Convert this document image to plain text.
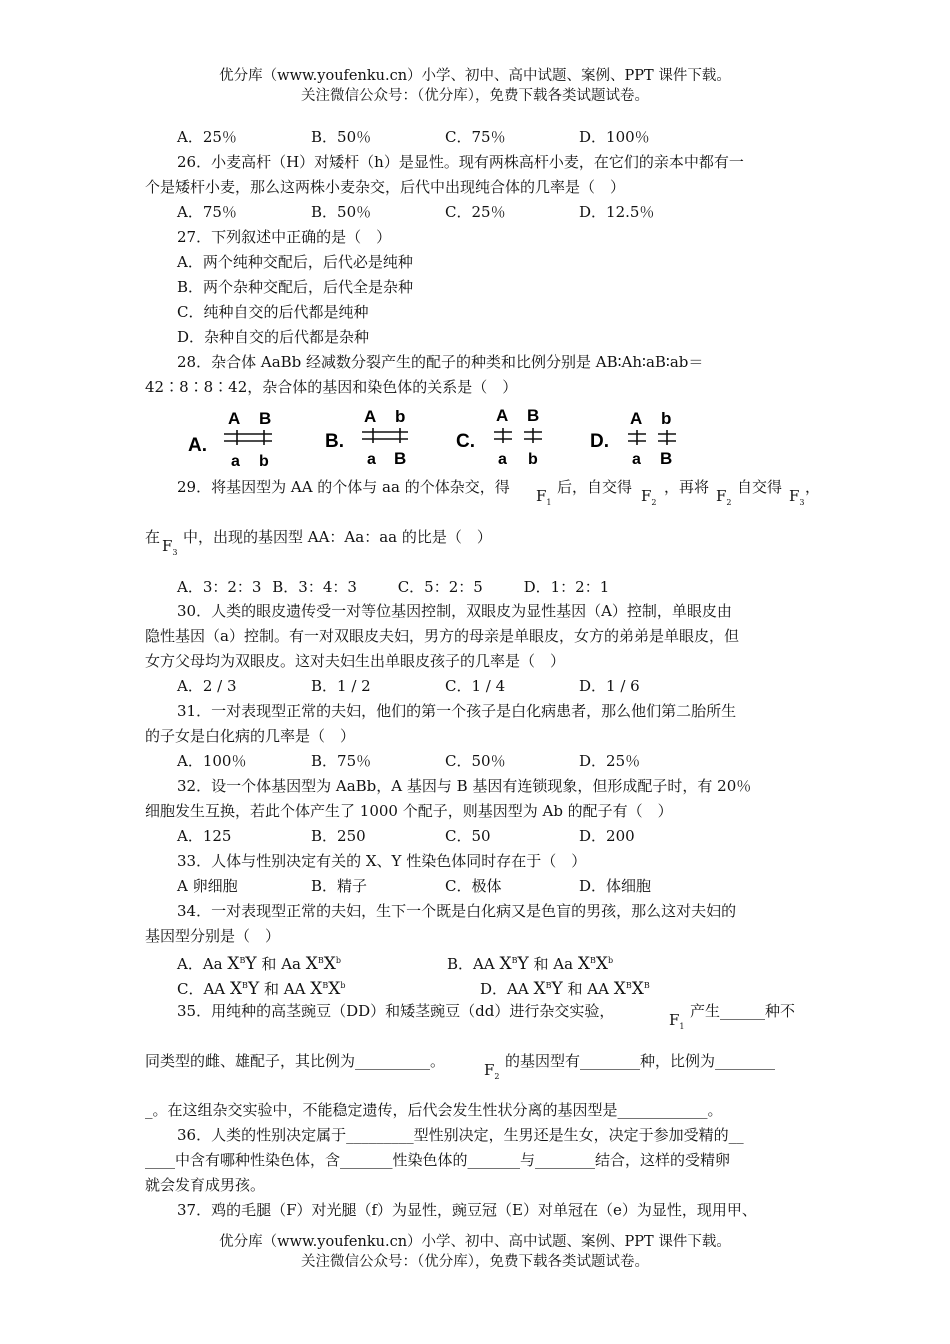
优分库（www.youfenku.cn）小学、初中、高中试题、案例、PPT 课件下载。
关注微信公众号：（优分库），免费下载各类试题试卷。
A．25％	B．50％	C．75％	D．100％
26．小麦高杆（H）对矮杆（h）是显性。现有两株高杆小麦，在它们的亲本中都有一
个是矮杆小麦，那么这两株小麦杂交，后代中出现纯合体的几率是（　）
A．75％	B．50％	C．25％	D．12.5％
27．下列叙述中正确的是（　）
A．两个纯种交配后，后代必是纯种
B．两个杂种交配后，后代全是杂种
C．纯种自交的后代都是纯种
D．杂种自交的后代都是杂种
28．杂合体 AaBb 经减数分裂产生的配子的种类和比例分别是 AB∶Ah∶aB∶ab＝
42∶8∶8∶42，杂合体的基因和染色体的关系是（　）
A.
A B
a b
B.
A b
a B
C.
A B
a b
D.
A b
a B
29．将基因型为 AA 的个体与 aa 的个体杂交，得	$F_1$
后，自交得 $F_2$
，再将 $F_2$
自交得 $F_3$
，
在 $F_3$
中，出现的基因型 AA：Aa：aa 的比是（　）
A．3：2：3 B．3：4：3	C．5：2：5	D．1：2：1
30．人类的眼皮遗传受一对等位基因控制，双眼皮为显性基因（A）控制，单眼皮由
隐性基因（a）控制。有一对双眼皮夫妇，男方的母亲是单眼皮，女方的弟弟是单眼皮，但
女方父母均为双眼皮。这对夫妇生出单眼皮孩子的几率是（　）
A．2 / 3	B．1 / 2	C．1 / 4	D．1 / 6
31．一对表现型正常的夫妇，他们的第一个孩子是白化病患者，那么他们第二胎所生
的子女是白化病的几率是（　）
A．100％	B．75％	C．50％	D．25％
32．设一个体基因型为 AaBb，A 基因与 B 基因有连锁现象，但形成配子时，有 20％
细胞发生互换，若此个体产生了 1000 个配子，则基因型为 Ab 的配子有（　）
A．125	B．250	C．50	D．200
33．人体与性别决定有关的 X、Y 性染色体同时存在于（　）
A 卵细胞	B．精子	C．极体	D．体细胞
34．一对表现型正常的夫妇，生下一个既是白化病又是色盲的男孩，那么这对夫妇的
基因型分别是（　）
A．Aa $X^BY$ 和 Aa $X^BX^b$	B．AA $X^BY$ 和 Aa $X^BX^b$
C．AA $X^BY$ 和 AA $X^BX^b$	D．AA $X^BY$ 和 AA $X^BX^B$
35．用纯种的高茎豌豆（DD）和矮茎豌豆（dd）进行杂交实验，	$F_1$
产生______种不
同类型的雌、雄配子，其比例为__________。	$F_2$
的基因型有________种，比例为________
_。在这组杂交实验中，不能稳定遗传，后代会发生性状分离的基因型是____________。
36．人类的性别决定属于_________型性别决定，生男还是生女，决定于参加受精的__
____中含有哪种性染色体，含_______性染色体的_______与________结合，这样的受精卵
就会发育成男孩。
37．鸡的毛腿（F）对光腿（f）为显性，豌豆冠（E）对单冠在（e）为显性，现用甲、
优分库（www.youfenku.cn）小学、初中、高中试题、案例、PPT 课件下载。
关注微信公众号：（优分库），免费下载各类试题试卷。
